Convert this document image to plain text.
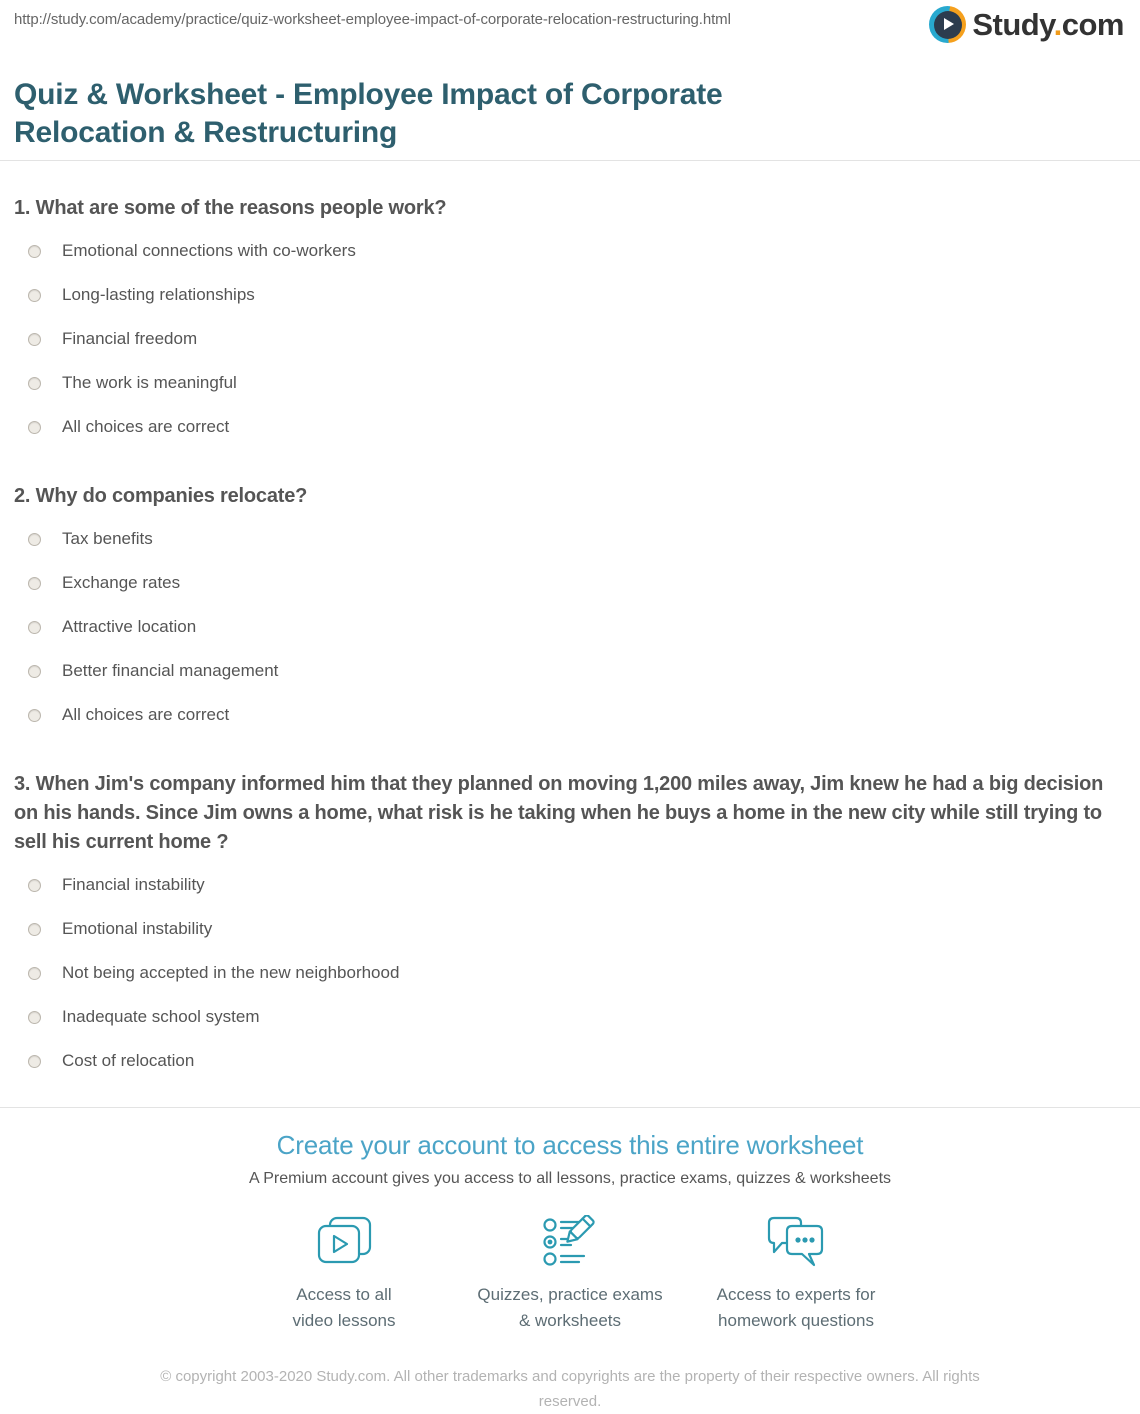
http://study.com/academy/practice/quiz-worksheet-employee-impact-of-corporate-relocation-restructuring.html	Study.com
Quiz & Worksheet - Employee Impact of Corporate Relocation & Restructuring
1. What are some of the reasons people work?
Emotional connections with co-workers
Long-lasting relationships
Financial freedom
The work is meaningful
All choices are correct
2. Why do companies relocate?
Tax benefits
Exchange rates
Attractive location
Better financial management
All choices are correct
3. When Jim's company informed him that they planned on moving 1,200 miles away, Jim knew he had a big decision on his hands. Since Jim owns a home, what risk is he taking when he buys a home in the new city while still trying to sell his current home ?
Financial instability
Emotional instability
Not being accepted in the new neighborhood
Inadequate school system
Cost of relocation
Create your account to access this entire worksheet
A Premium account gives you access to all lessons, practice exams, quizzes & worksheets
Access to all
video lessons
Quizzes, practice exams
& worksheets
Access to experts for
homework questions
© copyright 2003-2020 Study.com. All other trademarks and copyrights are the property of their respective owners. All rights reserved.
